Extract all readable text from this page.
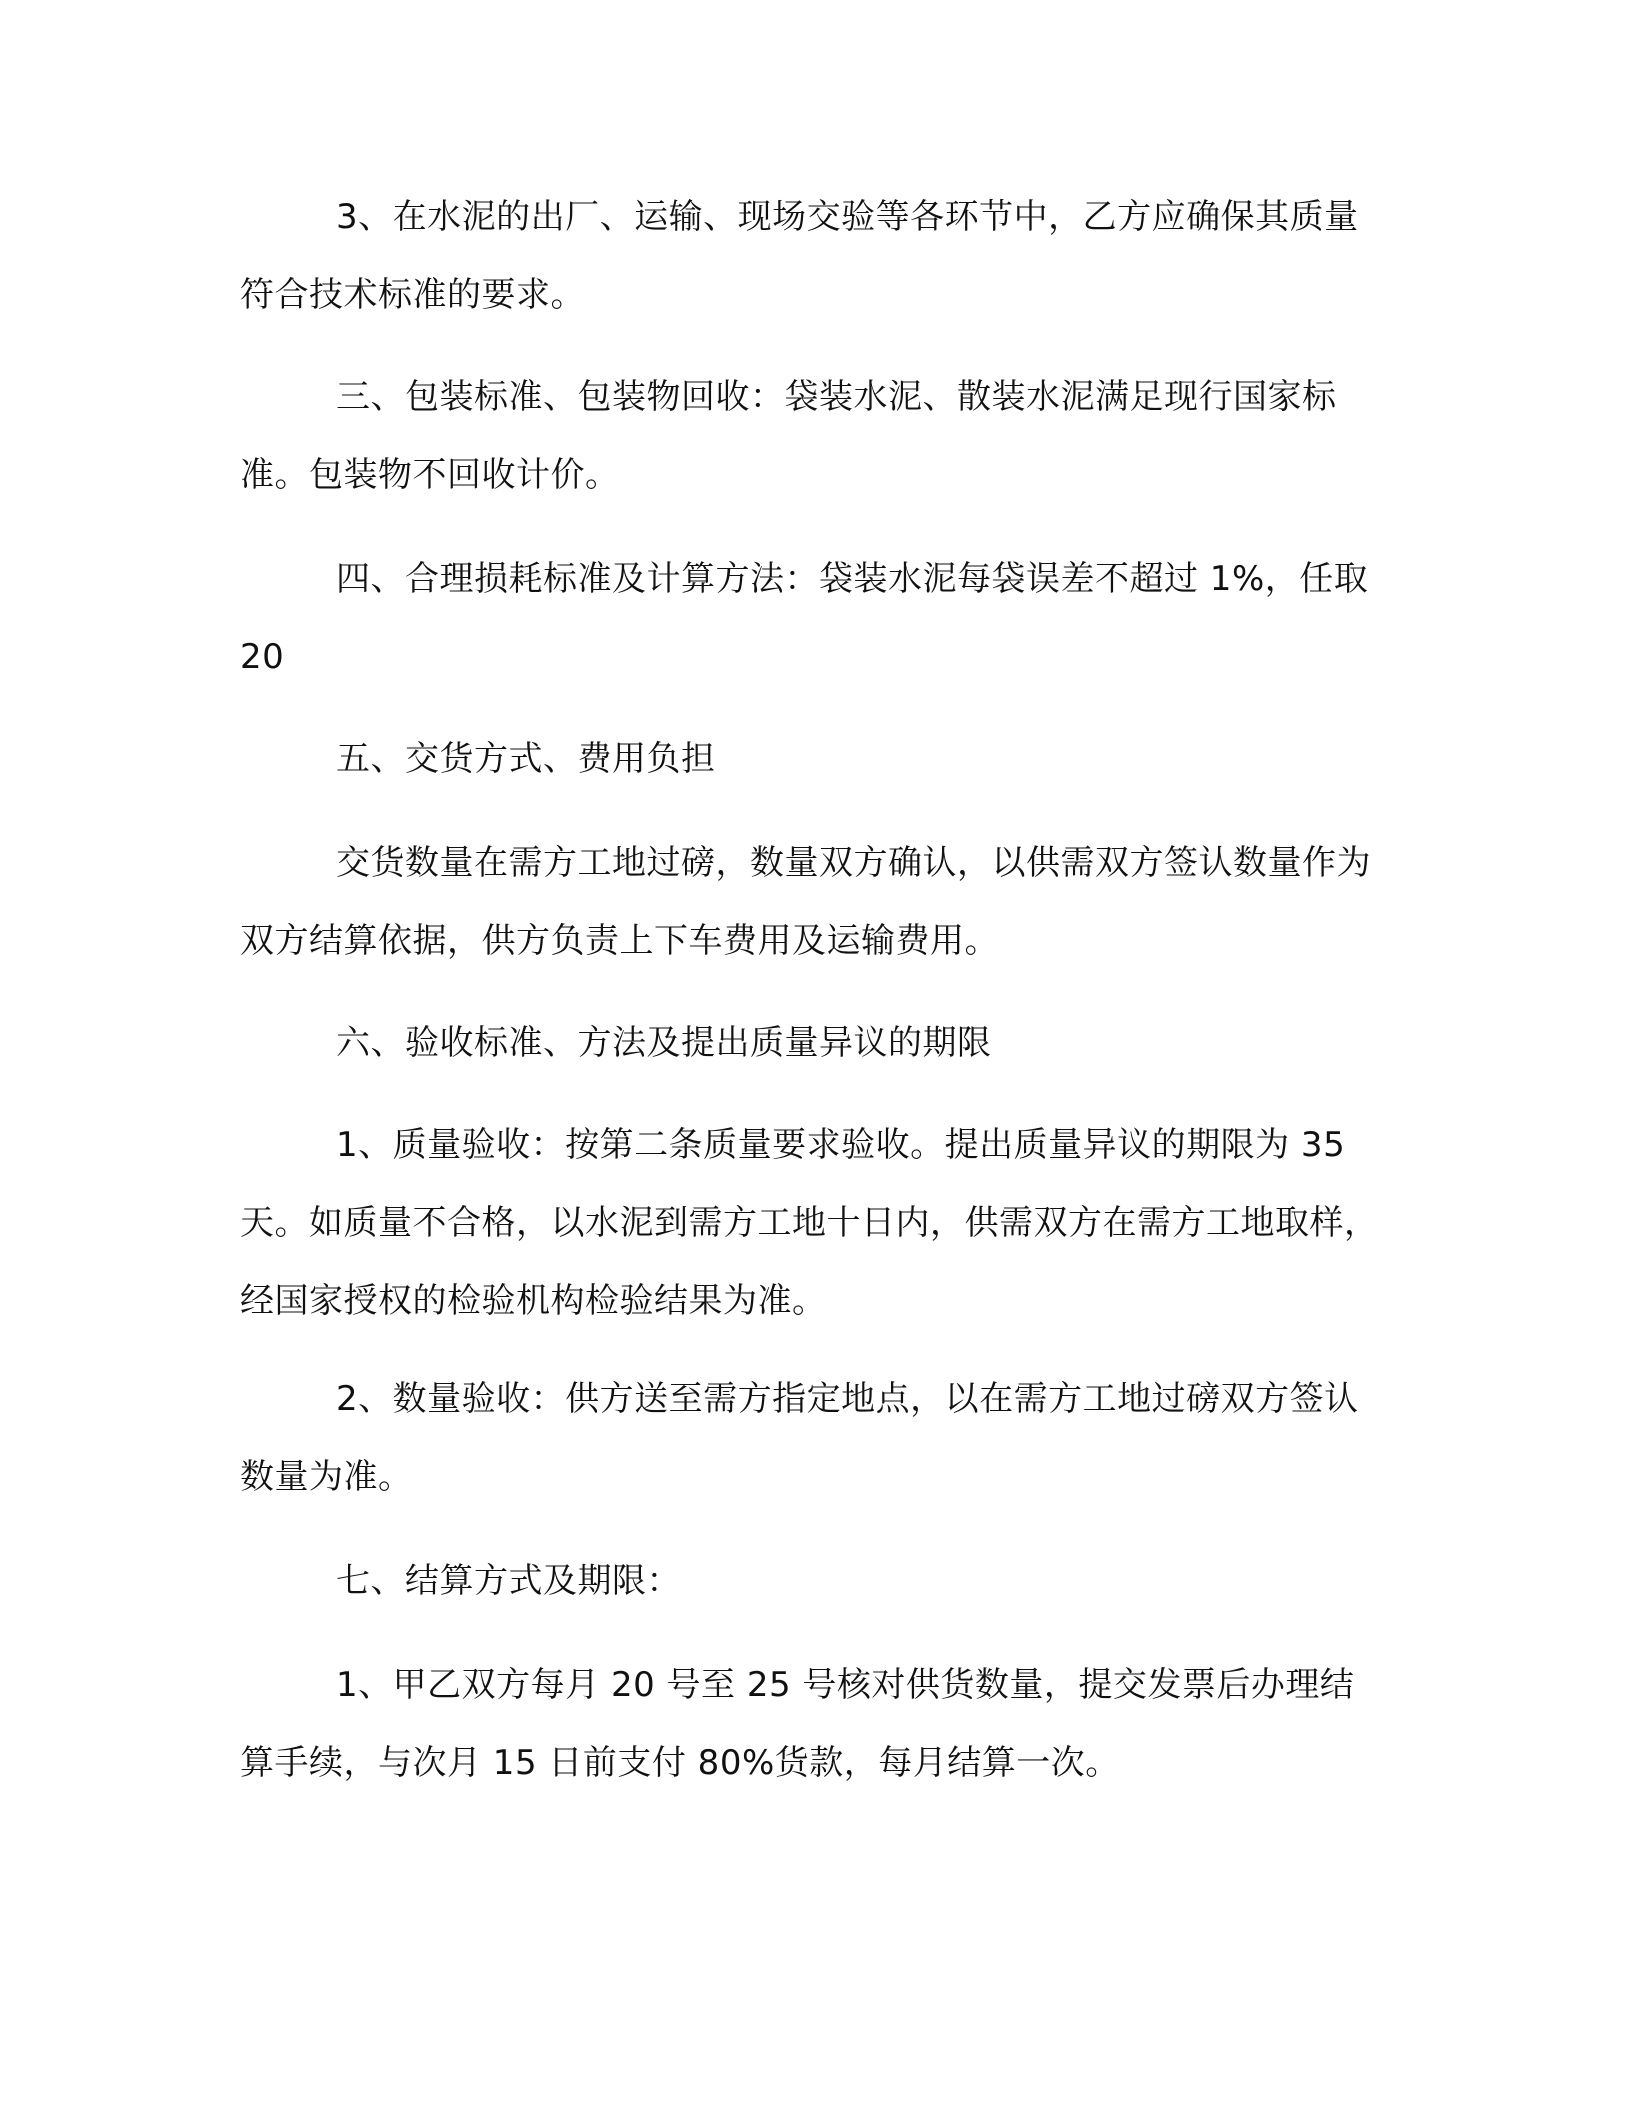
3、在水泥的出厂、运输、现场交验等各环节中，乙方应确保其质量符合技术标准的要求。

三、包装标准、包装物回收：袋装水泥、散装水泥满足现行国家标准。包装物不回收计价。

四、合理损耗标准及计算方法：袋装水泥每袋误差不超过 1%，任取 20

五、交货方式、费用负担

交货数量在需方工地过磅，数量双方确认，以供需双方签认数量作为双方结算依据，供方负责上下车费用及运输费用。

六、验收标准、方法及提出质量异议的期限

1、质量验收：按第二条质量要求验收。提出质量异议的期限为 35 天。如质量不合格，以水泥到需方工地十日内，供需双方在需方工地取样，经国家授权的检验机构检验结果为准。

2、数量验收：供方送至需方指定地点，以在需方工地过磅双方签认数量为准。

七、结算方式及期限：

1、甲乙双方每月 20 号至 25 号核对供货数量，提交发票后办理结算手续，与次月 15 日前支付 80%货款，每月结算一次。
